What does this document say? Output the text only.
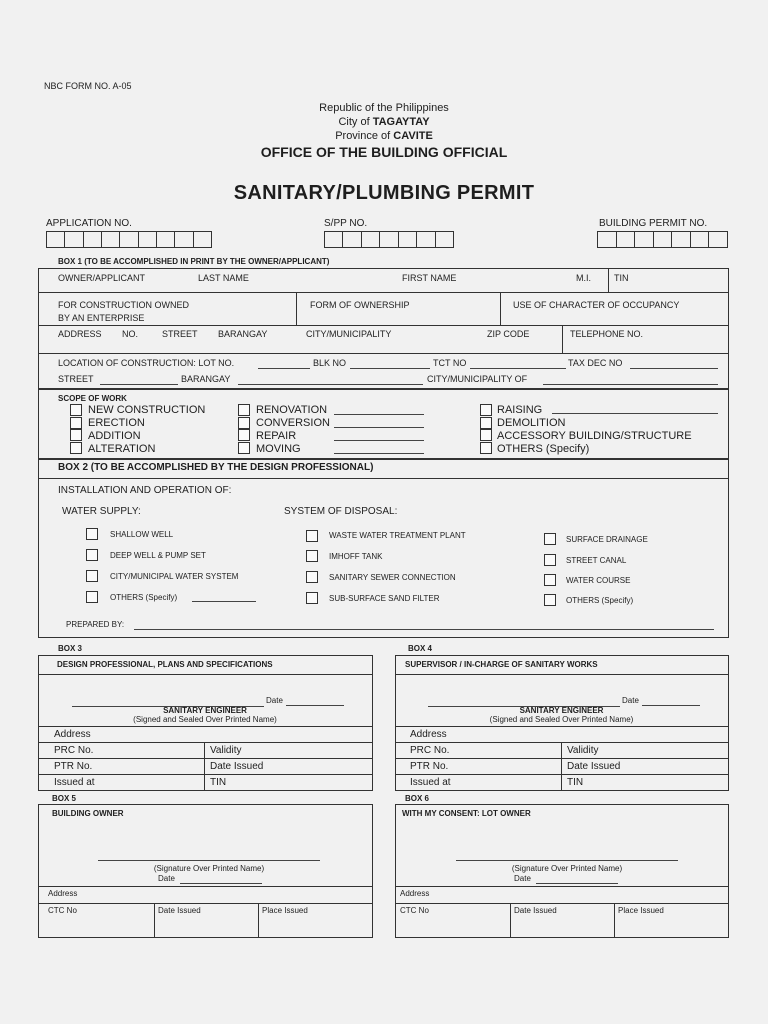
NBC FORM NO. A-05
Republic of the Philippines
City of TAGAYTAY
Province of CAVITE
OFFICE OF THE BUILDING OFFICIAL
SANITARY/PLUMBING PERMIT
APPLICATION NO.	S/PP NO.	BUILDING PERMIT NO.
BOX 1 (TO BE ACCOMPLISHED IN PRINT BY THE OWNER/APPLICANT)
OWNER/APPLICANT	LAST NAME	FIRST NAME	M.I.	TIN
FOR CONSTRUCTION OWNED
BY AN ENTERPRISE
FORM OF OWNERSHIP	USE OF CHARACTER OF OCCUPANCY
ADDRESS NO.	STREET BARANGAY	CITY/MUNICIPALITY	ZIP CODE	TELEPHONE NO.
LOCATION OF CONSTRUCTION: LOT NO.	BLK NO	TCT NO	TAX DEC NO
STREET	BARANGAY	CITY/MUNICIPALITY OF
SCOPE OF WORK
NEW CONSTRUCTION
ERECTION
ADDITION
ALTERATION
RENOVATION
CONVERSION
REPAIR
MOVING
RAISING
DEMOLITION
ACCESSORY BUILDING/STRUCTURE
OTHERS (Specify)
BOX 2 (TO BE ACCOMPLISHED BY THE DESIGN PROFESSIONAL)
INSTALLATION AND OPERATION OF:
WATER SUPPLY:	SYSTEM OF DISPOSAL:
SHALLOW WELL
DEEP WELL & PUMP SET
CITY/MUNICIPAL WATER SYSTEM
OTHERS (Specify)
WASTE WATER TREATMENT PLANT
IMHOFF TANK
SANITARY SEWER CONNECTION
SUB-SURFACE SAND FILTER
SURFACE DRAINAGE
STREET CANAL
WATER COURSE
OTHERS (Specify)
PREPARED BY:
BOX 3
DESIGN PROFESSIONAL, PLANS AND SPECIFICATIONS
Date
SANITARY ENGINEER
(Signed and Sealed Over Printed Name)
Address
PRC No.	Validity
PTR No.	Date Issued
Issued at	TIN
BOX 4
SUPERVISOR / IN-CHARGE OF SANITARY WORKS
Date
SANITARY ENGINEER
(Signed and Sealed Over Printed Name)
Address
PRC No.	Validity
PTR No.	Date Issued
Issued at	TIN
BOX 5
BUILDING OWNER
(Signature Over Printed Name)
Date
Address
CTC No	Date Issued	Place Issued
BOX 6
WITH MY CONSENT: LOT OWNER
(Signature Over Printed Name)
Date
Address
CTC No	Date Issued	Place Issued
